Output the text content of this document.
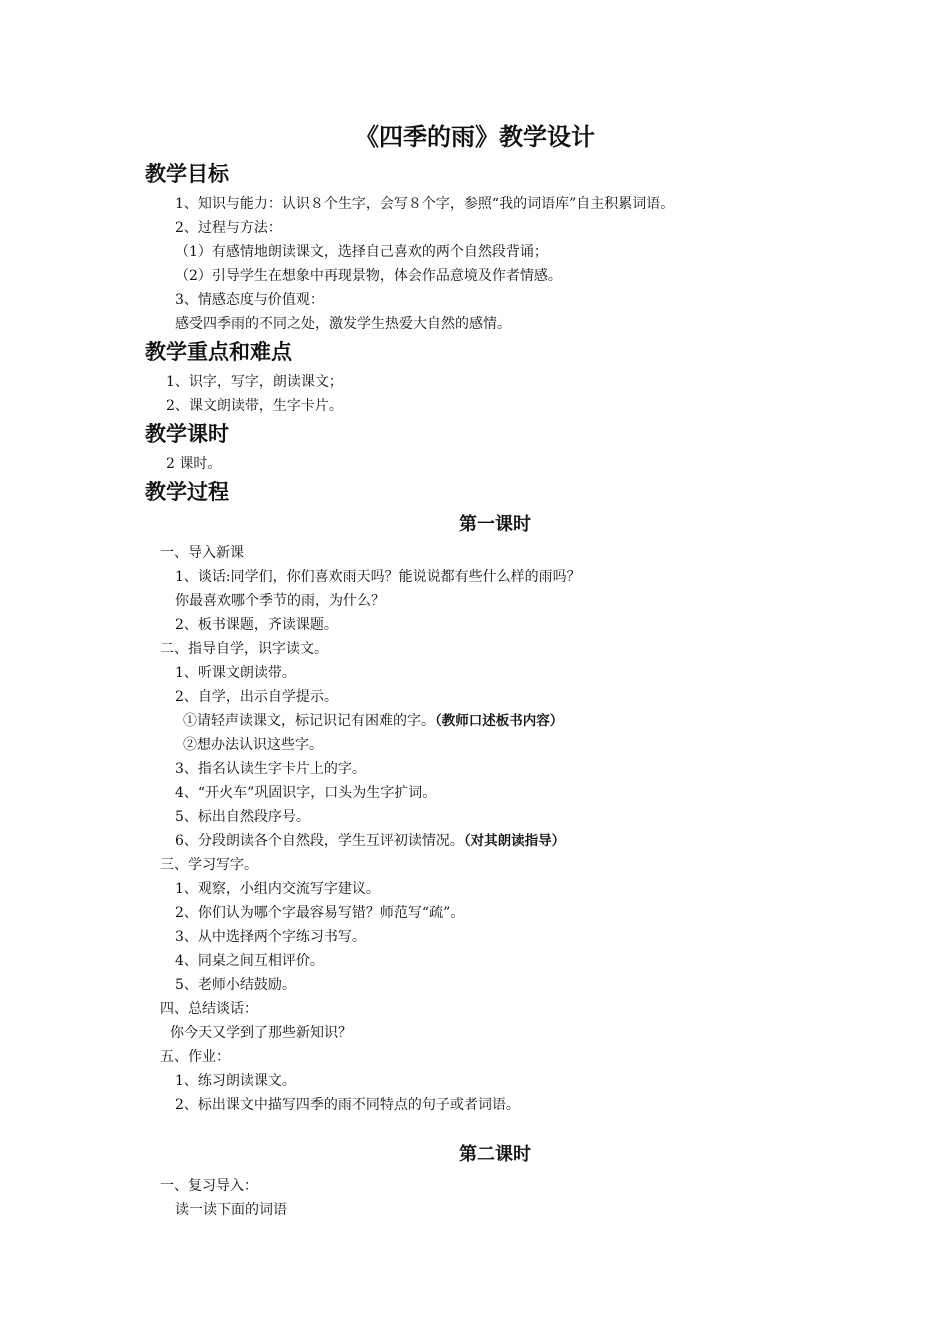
《四季的雨》教学设计
教学目标
1、知识与能力：认识８个生字，会写８个字，参照“我的词语库”自主积累词语。
2、过程与方法：
（1）有感情地朗读课文，选择自己喜欢的两个自然段背诵；
（2）引导学生在想象中再现景物，体会作品意境及作者情感。
3、情感态度与价值观：
感受四季雨的不同之处，激发学生热爱大自然的感情。
教学重点和难点
1、识字，写字，朗读课文；
2、课文朗读带，生字卡片。
教学课时
2 课时。
教学过程
第一课时
一、导入新课
1、谈话:同学们，你们喜欢雨天吗？能说说都有些什么样的雨吗？
你最喜欢哪个季节的雨，为什么？
2、板书课题，齐读课题。
二、指导自学，识字读文。
1、听课文朗读带。
2、自学，出示自学提示。
①请轻声读课文，标记识记有困难的字。（教师口述板书内容）
②想办法认识这些字。
3、指名认读生字卡片上的字。
4、“开火车”巩固识字，口头为生字扩词。
5、标出自然段序号。
6、分段朗读各个自然段，学生互评初读情况。（对其朗读指导）
三、学习写字。
1、观察，小组内交流写字建议。
2、你们认为哪个字最容易写错？师范写“疏”。
3、从中选择两个字练习书写。
4、同桌之间互相评价。
5、老师小结鼓励。
四、总结谈话：
你今天又学到了那些新知识？
五、作业：
1、练习朗读课文。
2、标出课文中描写四季的雨不同特点的句子或者词语。
第二课时
一、复习导入：
读一读下面的词语
